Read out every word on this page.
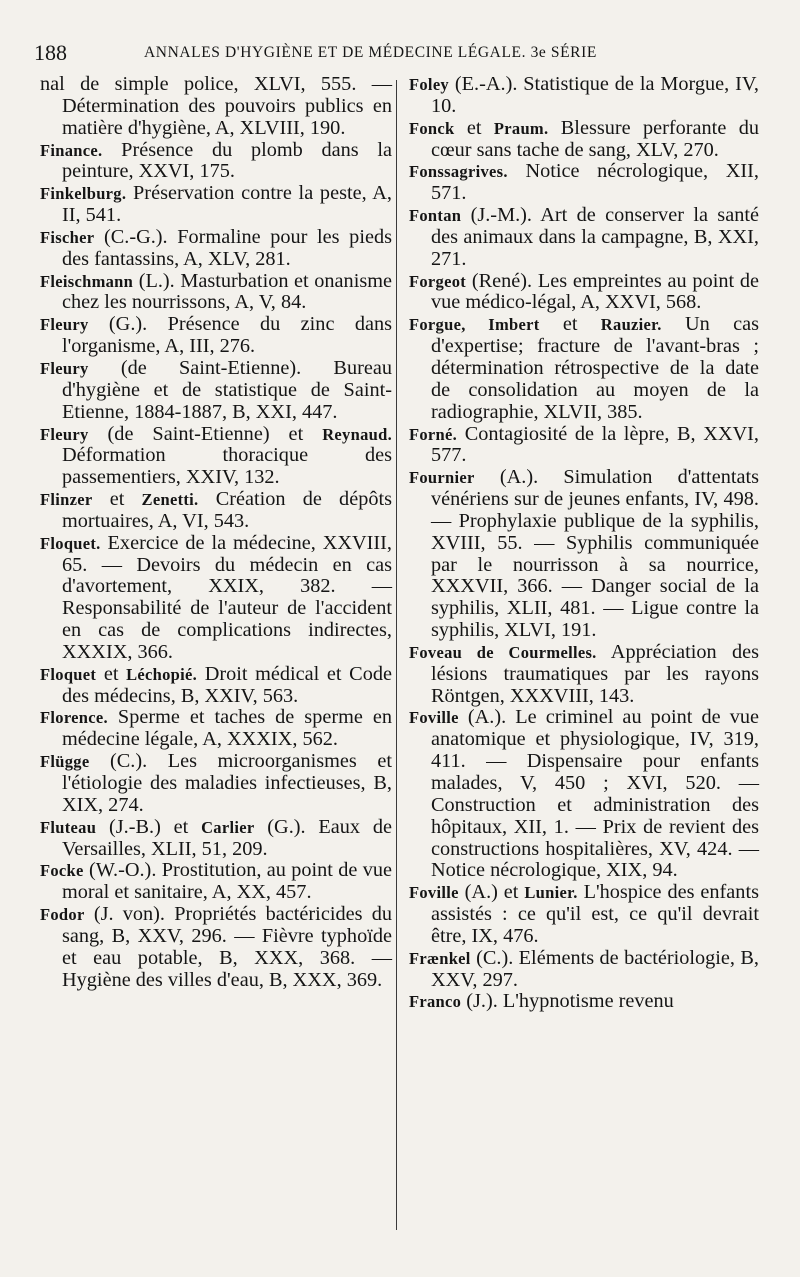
188	ANNALES D'HYGIÈNE ET DE MÉDECINE LÉGALE. 3e SÉRIE
nal de simple police, XLVI, 555. — Détermination des pouvoirs publics en matière d'hygiène, A, XLVIII, 190.
Finance. Présence du plomb dans la peinture, XXVI, 175.
Finkelburg. Préservation contre la peste, A, II, 541.
Fischer (C.-G.). Formaline pour les pieds des fantassins, A, XLV, 281.
Fleischmann (L.). Masturbation et onanisme chez les nourrissons, A, V, 84.
Fleury (G.). Présence du zinc dans l'organisme, A, III, 276.
Fleury (de Saint-Etienne). Bureau d'hygiène et de statistique de Saint-Etienne, 1884-1887, B, XXI, 447.
Fleury (de Saint-Etienne) et Reynaud. Déformation thoracique des passementiers, XXIV, 132.
Flinzer et Zenetti. Création de dépôts mortuaires, A, VI, 543.
Floquet. Exercice de la médecine, XXVIII, 65. — Devoirs du médecin en cas d'avortement, XXIX, 382. — Responsabilité de l'auteur de l'accident en cas de complications indirectes, XXXIX, 366.
Floquet et Léchopié. Droit médical et Code des médecins, B, XXIV, 563.
Florence. Sperme et taches de sperme en médecine légale, A, XXXIX, 562.
Flügge (C.). Les microorganismes et l'étiologie des maladies infectieuses, B, XIX, 274.
Fluteau (J.-B.) et Carlier (G.). Eaux de Versailles, XLII, 51, 209.
Focke (W.-O.). Prostitution, au point de vue moral et sanitaire, A, XX, 457.
Fodor (J. von). Propriétés bactéricides du sang, B, XXV, 296. — Fièvre typhoïde et eau potable, B, XXX, 368. — Hygiène des villes d'eau, B, XXX, 369.
Foley (E.-A.). Statistique de la Morgue, IV, 10.
Fonck et Praum. Blessure perforante du cœur sans tache de sang, XLV, 270.
Fonssagrives. Notice nécrologique, XII, 571.
Fontan (J.-M.). Art de conserver la santé des animaux dans la campagne, B, XXI, 271.
Forgeot (René). Les empreintes au point de vue médico-légal, A, XXVI, 568.
Forgue, Imbert et Rauzier. Un cas d'expertise; fracture de l'avant-bras ; détermination rétrospective de la date de consolidation au moyen de la radiographie, XLVII, 385.
Forné. Contagiosité de la lèpre, B, XXVI, 577.
Fournier (A.). Simulation d'attentats vénériens sur de jeunes enfants, IV, 498. — Prophylaxie publique de la syphilis, XVIII, 55. — Syphilis communiquée par le nourrisson à sa nourrice, XXXVII, 366. — Danger social de la syphilis, XLII, 481. — Ligue contre la syphilis, XLVI, 191.
Foveau de Courmelles. Appréciation des lésions traumatiques par les rayons Röntgen, XXXVIII, 143.
Foville (A.). Le criminel au point de vue anatomique et physiologique, IV, 319, 411. — Dispensaire pour enfants malades, V, 450 ; XVI, 520. — Construction et administration des hôpitaux, XII, 1. — Prix de revient des constructions hospitalières, XV, 424. — Notice nécrologique, XIX, 94.
Foville (A.) et Lunier. L'hospice des enfants assistés : ce qu'il est, ce qu'il devrait être, IX, 476.
Frænkel (C.). Eléments de bactériologie, B, XXV, 297.
Franco (J.). L'hypnotisme revenu
